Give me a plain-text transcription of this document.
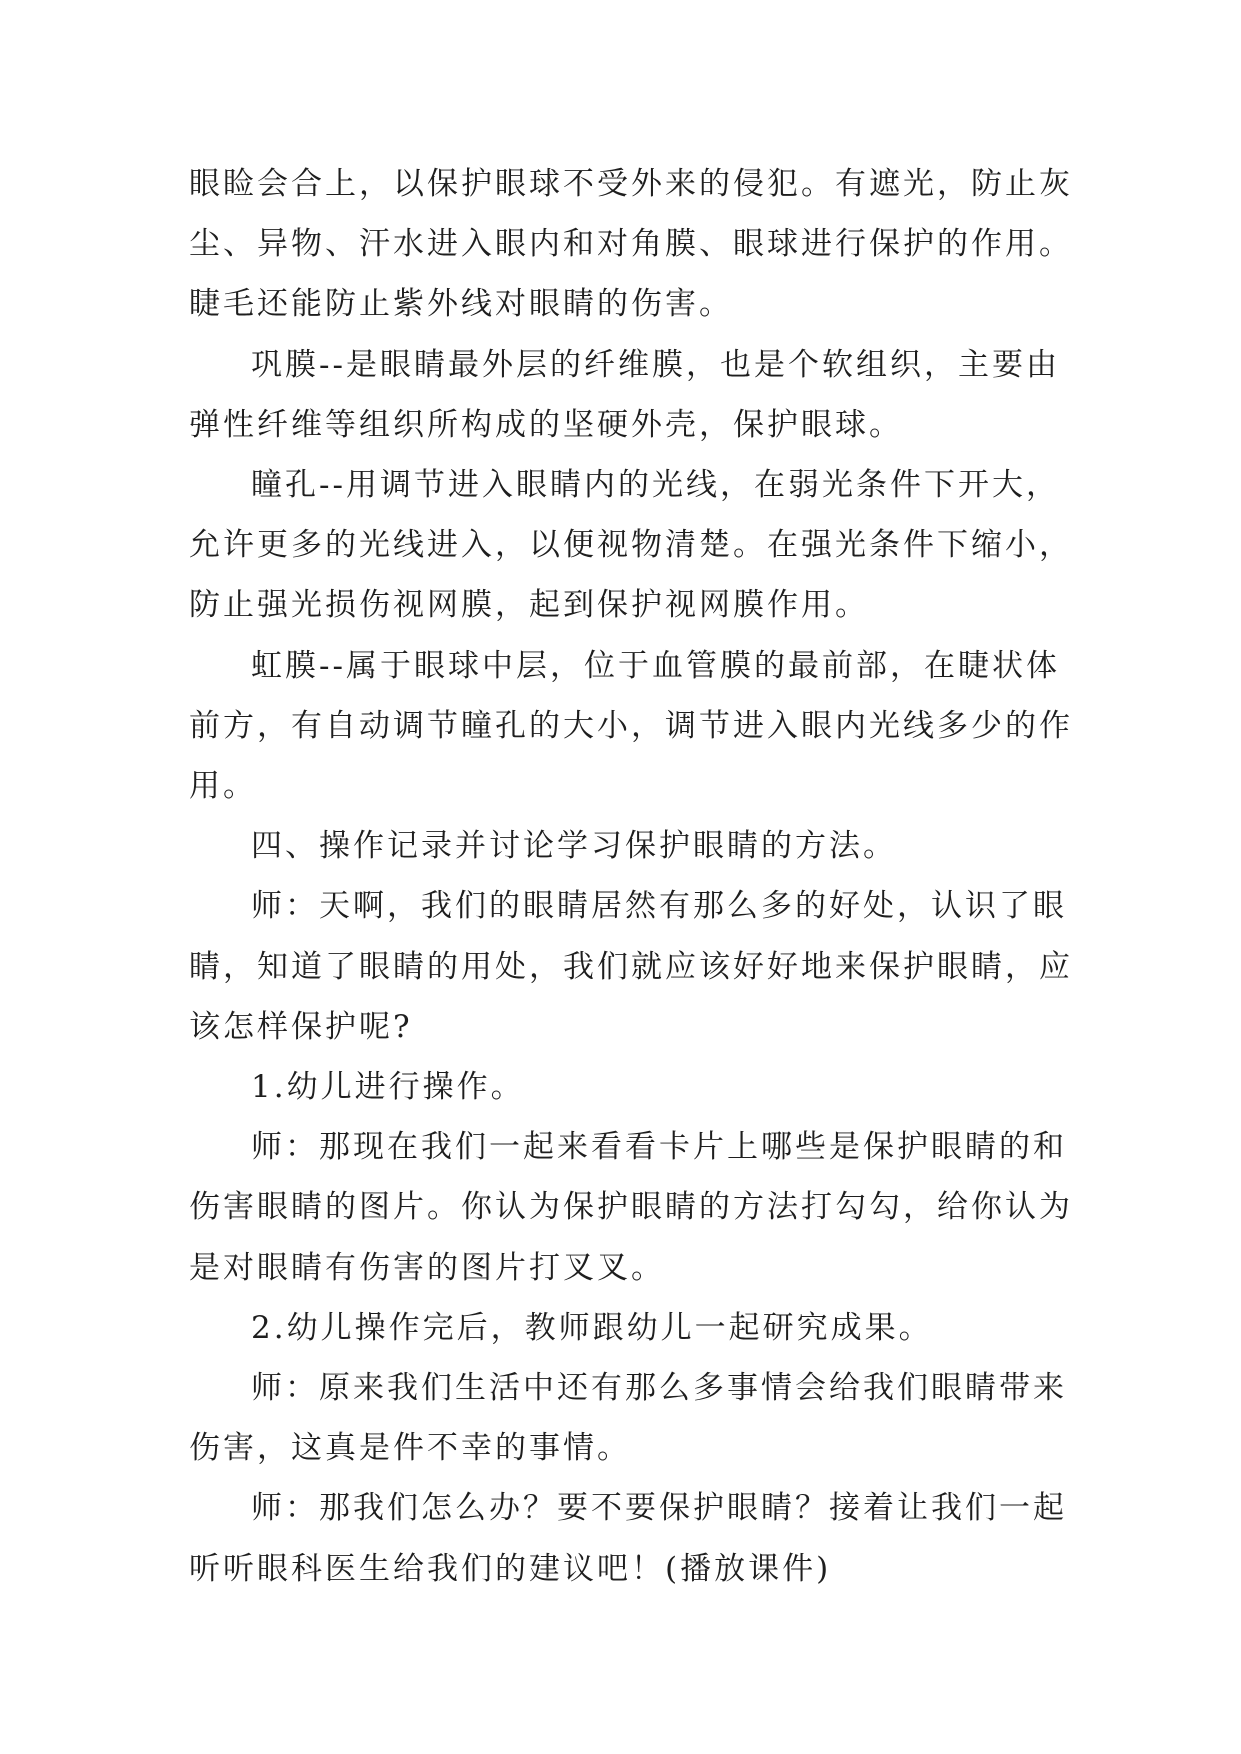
眼睑会合上，以保护眼球不受外来的侵犯。有遮光，防止灰
尘、异物、汗水进入眼内和对角膜、眼球进行保护的作用。
睫毛还能防止紫外线对眼睛的伤害。

巩膜--是眼睛最外层的纤维膜，也是个软组织，主要由
弹性纤维等组织所构成的坚硬外壳，保护眼球。

瞳孔--用调节进入眼睛内的光线，在弱光条件下开大，
允许更多的光线进入，以便视物清楚。在强光条件下缩小，
防止强光损伤视网膜，起到保护视网膜作用。

虹膜--属于眼球中层，位于血管膜的最前部，在睫状体
前方，有自动调节瞳孔的大小，调节进入眼内光线多少的作
用。

四、操作记录并讨论学习保护眼睛的方法。

师：天啊，我们的眼睛居然有那么多的好处，认识了眼
睛，知道了眼睛的用处，我们就应该好好地来保护眼睛，应
该怎样保护呢?

1.幼儿进行操作。

师：那现在我们一起来看看卡片上哪些是保护眼睛的和
伤害眼睛的图片。你认为保护眼睛的方法打勾勾，给你认为
是对眼睛有伤害的图片打叉叉。

2.幼儿操作完后，教师跟幼儿一起研究成果。

师：原来我们生活中还有那么多事情会给我们眼睛带来
伤害，这真是件不幸的事情。

师：那我们怎么办？要不要保护眼睛？接着让我们一起
听听眼科医生给我们的建议吧！(播放课件)
